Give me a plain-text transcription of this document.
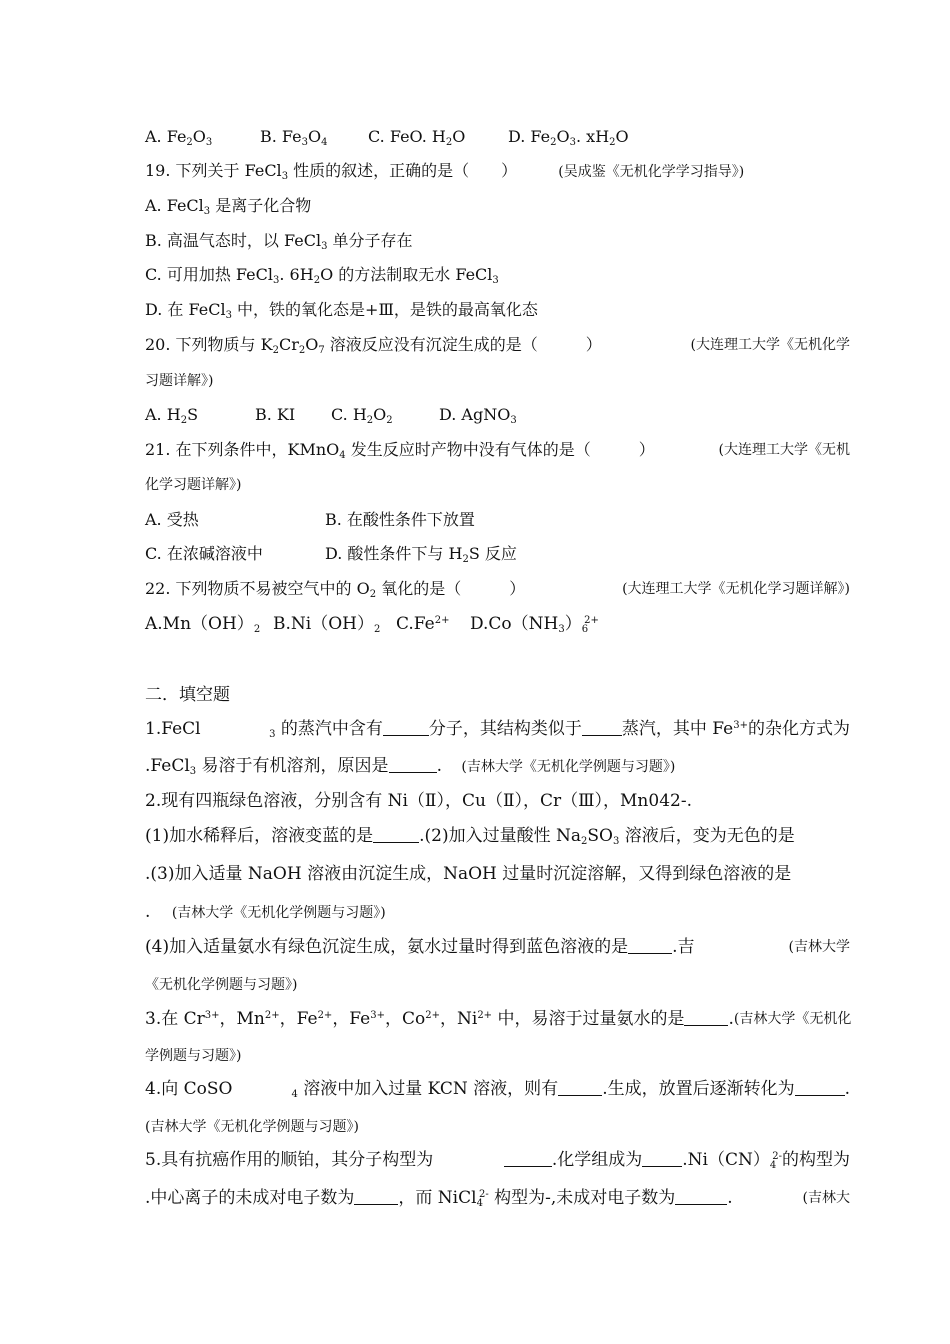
A. $Fe_2O_3$	B. $Fe_3O_4$	C. FeO. $H_2O$	D. $Fe_2O_3$. $xH_2O$
19. 下列关于 FeCl$_3$ 性质的叙述，正确的是（　　）	(吴成鉴《无机化学学习指导》)
A. FeCl$_3$ 是离子化合物
B. 高温气态时，以 FeCl$_3$ 单分子存在
C. 可用加热 FeCl$_3$. $6H_2O$ 的方法制取无水 FeCl$_3$
D. 在 FeCl$_3$ 中，铁的氧化态是+Ⅲ，是铁的最高氧化态
20. 下列物质与 $K_2Cr_2O_7$ 溶液反应没有沉淀生成的是（　　　）	(大连理工大学《无机化学
习题详解》)
A. $H_2S$	B. KI C. $H_2O_2$	D. AgNO$_3$
21. 在下列条件中，KMnO$_4$ 发生反应时产物中没有气体的是（　　　）	(大连理工大学《无机
化学习题详解》)
A. 受热	B. 在酸性条件下放置
C. 在浓碱溶液中	D. 酸性条件下与 $H_2S$ 反应
22. 下列物质不易被空气中的 $O_2$ 氧化的是（　　　）	(大连理工大学《无机化学习题详解》)
$A.Mn(OH)_2$ $B.Ni(OH)_2$ $C.Fe^{2+}$ $D.Co(NH_3)_6^{2+}$
二．填空题
1.FeCl	$_3$ 的蒸汽中含有	分子，其结构类似于 蒸汽，其中 $Fe^{3+}$的杂化方式为
.FeCl$_3$ 易溶于有机溶剂，原因是	. (吉林大学《无机化学例题与习题》)
2.现有四瓶绿色溶液，分别含有 Ni（Ⅱ），Cu（Ⅱ），Cr（Ⅲ），Mn042-.
(1)加水稀释后，溶液变蓝的是	.(2)加入过量酸性 $Na_2SO_3$ 溶液后，变为无色的是
.(3)加入适量 NaOH 溶液由沉淀生成，NaOH 过量时沉淀溶解，又得到绿色溶液的是
. (吉林大学《无机化学例题与习题》)
(4)加入适量氨水有绿色沉淀生成，氨水过量时得到蓝色溶液的是	.吉	(吉林大学
《无机化学例题与习题》)
3.在 $Cr^{3+}$，$Mn^{2+}$，$Fe^{2+}$，$Fe^{3+}$，$Co^{2+}$，$Ni^{2+}$ 中，易溶于过量氨水的是	. (吉林大学《无机化
学例题与习题》)
4.向 CoSO	$_4$ 溶液中加入过量 KCN 溶液，则有	.生成，放置后逐渐转化为	.
(吉林大学《无机化学例题与习题》)
5.具有抗癌作用的顺铂，其分子构型为	.化学组成为 $.Ni(CN)_4^{2-}$的构型为
.中心离子的未成对电子数为	，而 NiCl$_4^{2-}$ 构型为-,未成对电子数为	.	(吉林大
